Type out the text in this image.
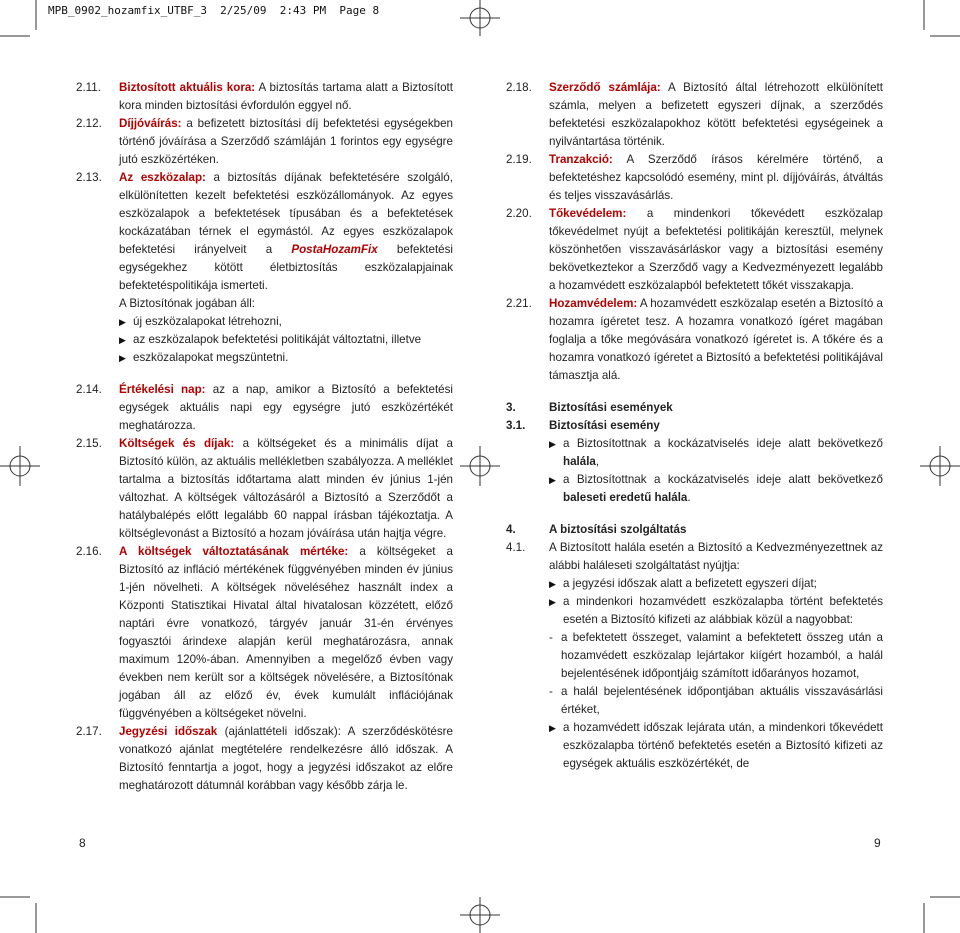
MPB_0902_hozamfix_UTBF_3  2/25/09  2:43 PM  Page 8
2.11.	Biztosított aktuális kora: A biztosítás tartama alatt a Biztosított kora minden biztosítási évfordulón eggyel nő.
2.12.	Díjjóváírás: a befizetett biztosítási díj befektetési egységekben történő jóváírása a Szerződő számláján 1 forintos egy egységre jutó eszközértéken.
2.13.	Az eszközalap: a biztosítás díjának befektetésére szolgáló, elkülönítetten kezelt befektetési eszközállományok. Az egyes eszközalapok a befektetések típusában és a befektetések kockázatában térnek el egymástól. Az egyes eszközalapok befektetési irányelveit a PostaHozamFix befektetési egységekhez kötött életbiztosítás eszközalapjainak befektetéspolitikája ismerteti.
A Biztosítónak jogában áll:
▶ új eszközalapokat létrehozni,
▶ az eszközalapok befektetési politikáját változtatni, illetve
▶ eszközalapokat megszüntetni.
2.14.	Értékelési nap: az a nap, amikor a Biztosító a befektetési egységek aktuális napi egy egységre jutó eszközértékét meghatározza.
2.15.	Költségek és díjak: a költségeket és a minimális díjat a Biztosító külön, az aktuális mellékletben szabályozza. A melléklet tartalma a biztosítás időtartama alatt minden év június 1-jén változhat. A költségek változásáról a Biztosító a Szerződőt a hatálybalépés előtt legalább 60 nappal írásban tájékoztatja. A költséglevonást a Biztosító a hozam jóváírása után hajtja végre.
2.16.	A költségek változtatásának mértéke: a költségeket a Biztosító az infláció mértékének függvényében minden év június 1-jén növelheti. A költségek növeléséhez használt index a Központi Statisztikai Hivatal által hivatalosan közzétett, előző naptári évre vonatkozó, tárgyév január 31-én érvényes fogyasztói árindexe alapján kerül meghatározásra, annak maximum 120%-ában. Amennyiben a megelőző évben vagy években nem került sor a költségek növelésére, a Biztosítónak jogában áll az előző év, évek kumulált inflációjának függvényében a költségeket növelni.
2.17.	Jegyzési időszak (ajánlattételi időszak): A szerződéskötésre vonatkozó ajánlat megtételére rendelkezésre álló időszak. A Biztosító fenntartja a jogot, hogy a jegyzési időszakot az előre meghatározott dátumnál korábban vagy később zárja le.
2.18.	Szerződő számlája: A Biztosító által létrehozott elkülönített számla, melyen a befizetett egyszeri díjnak, a szerződés befektetési eszközalapokhoz kötött befektetési egységeinek a nyilvántartása történik.
2.19.	Tranzakció: A Szerződő írásos kérelmére történő, a befektetéshez kapcsolódó esemény, mint pl. díjjóváírás, átváltás és teljes visszavásárlás.
2.20.	Tőkevédelem: a mindenkori tőkevédett eszközalap tőkevédelmet nyújt a befektetési politikáján keresztül, melynek köszönhetően visszavásárláskor vagy a biztosítási esemény bekövetkeztekor a Szerződő vagy a Kedvezményezett legalább a hozamvédett eszközalapból befektetett tőkét visszakapja.
2.21.	Hozamvédelem: A hozamvédett eszközalap esetén a Biztosító a hozamra ígéretet tesz. A hozamra vonatkozó ígéret magában foglalja a tőke megóvására vonatkozó ígéretet is. A tőkére és a hozamra vonatkozó ígéretet a Biztosító a befektetési politikájával támasztja alá.
3.	Biztosítási események
3.1.	Biztosítási esemény
▶ a Biztosítottnak a kockázatviselés ideje alatt bekövetkező halála,
▶ a Biztosítottnak a kockázatviselés ideje alatt bekövetkező baleseti eredetű halála.
4.	A biztosítási szolgáltatás
4.1.	A Biztosított halála esetén a Biztosító a Kedvezményezettnek az alábbi haláleseti szolgáltatást nyújtja:
▶ a jegyzési időszak alatt a befizetett egyszeri díjat;
▶ a mindenkori hozamvédett eszközalapba történt befektetés esetén a Biztosító kifizeti az alábbiak közül a nagyobbat:
- a befektetett összeget, valamint a befektetett összeg után a hozamvédett eszközalap lejártakor kiígért hozamból, a halál bejelentésének időpontjáig számított időarányos hozamot,
- a halál bejelentésének időpontjában aktuális visszavásárlási értéket,
▶ a hozamvédett időszak lejárata után, a mindenkori tőkevédett eszközalapba történő befektetés esetén a Biztosító kifizeti az egységek aktuális eszközértékét, de
8	9
